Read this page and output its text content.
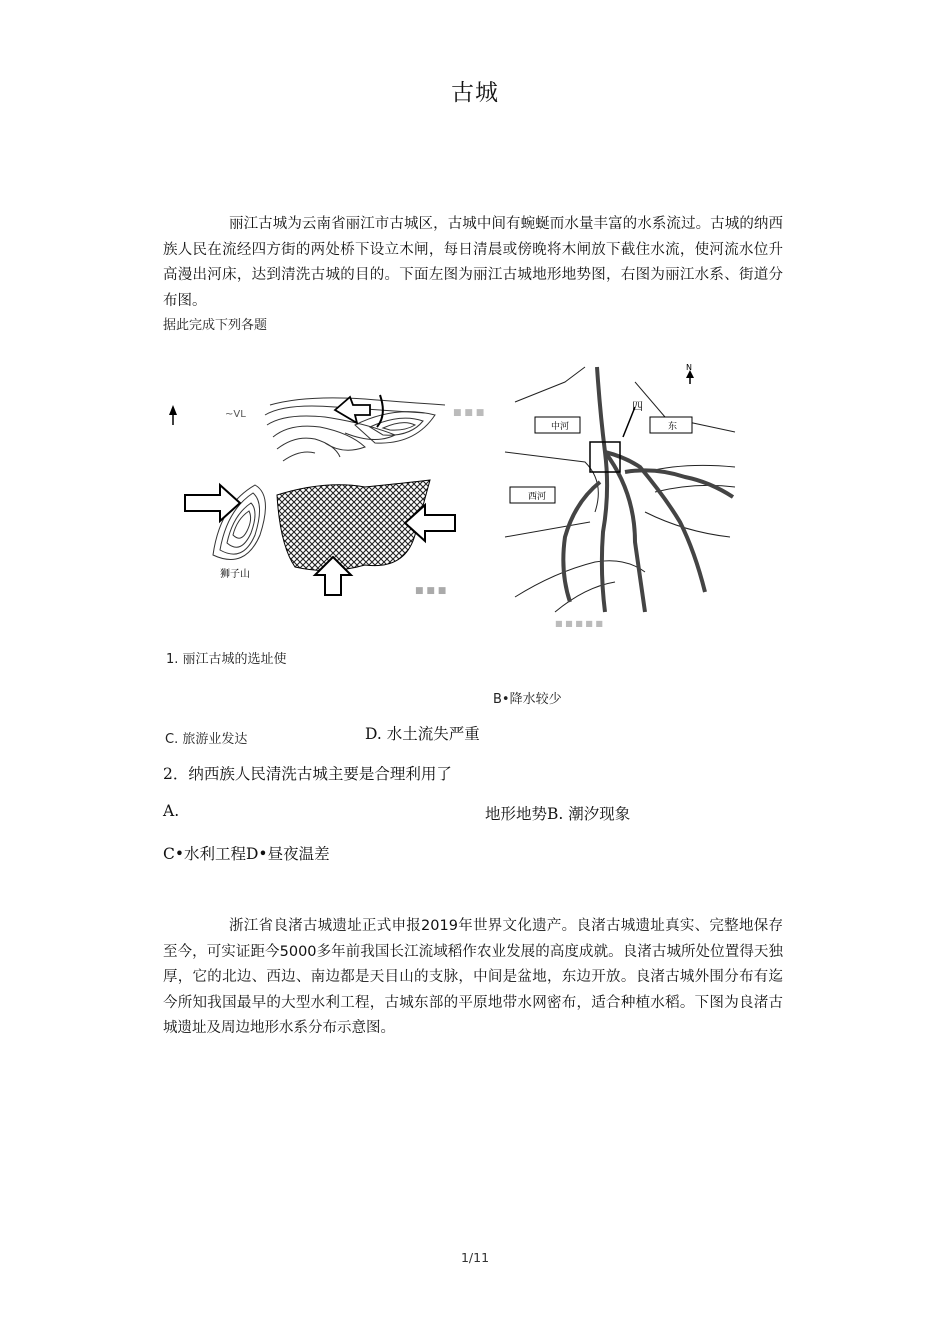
古城

丽江古城为云南省丽江市古城区，古城中间有蜿蜒而水量丰富的水系流过。古城的纳西族人民在流经四方街的两处桥下设立木闸，每日清晨或傍晚将木闸放下截住水流，使河流水位升高漫出河床，达到清洗古城的目的。下面左图为丽江古城地形地势图，右图为丽江水系、街道分布图。

据此完成下列各题
~VL	■ ■ ■
狮子山
■ ■ ■
N
中河
西河
东
四
■ ■ ■ ■ ■
1. 丽江古城的选址使
B•降水较少
C. 旅游业发达	D. 水土流失严重
2．纳西族人民清洗古城主要是合理利用了
A.	地形地势B. 潮汐现象
C•水利工程D•昼夜温差

浙江省良渚古城遗址正式申报2019年世界文化遗产。良渚古城遗址真实、完整地保存至今，可实证距今5000多年前我国长江流域稻作农业发展的高度成就。良渚古城所处位置得天独厚，它的北边、西边、南边都是天目山的支脉，中间是盆地，东边开放。良渚古城外围分布有迄今所知我国最早的大型水利工程，古城东部的平原地带水网密布，适合种植水稻。下图为良渚古城遗址及周边地形水系分布示意图。

1/11
